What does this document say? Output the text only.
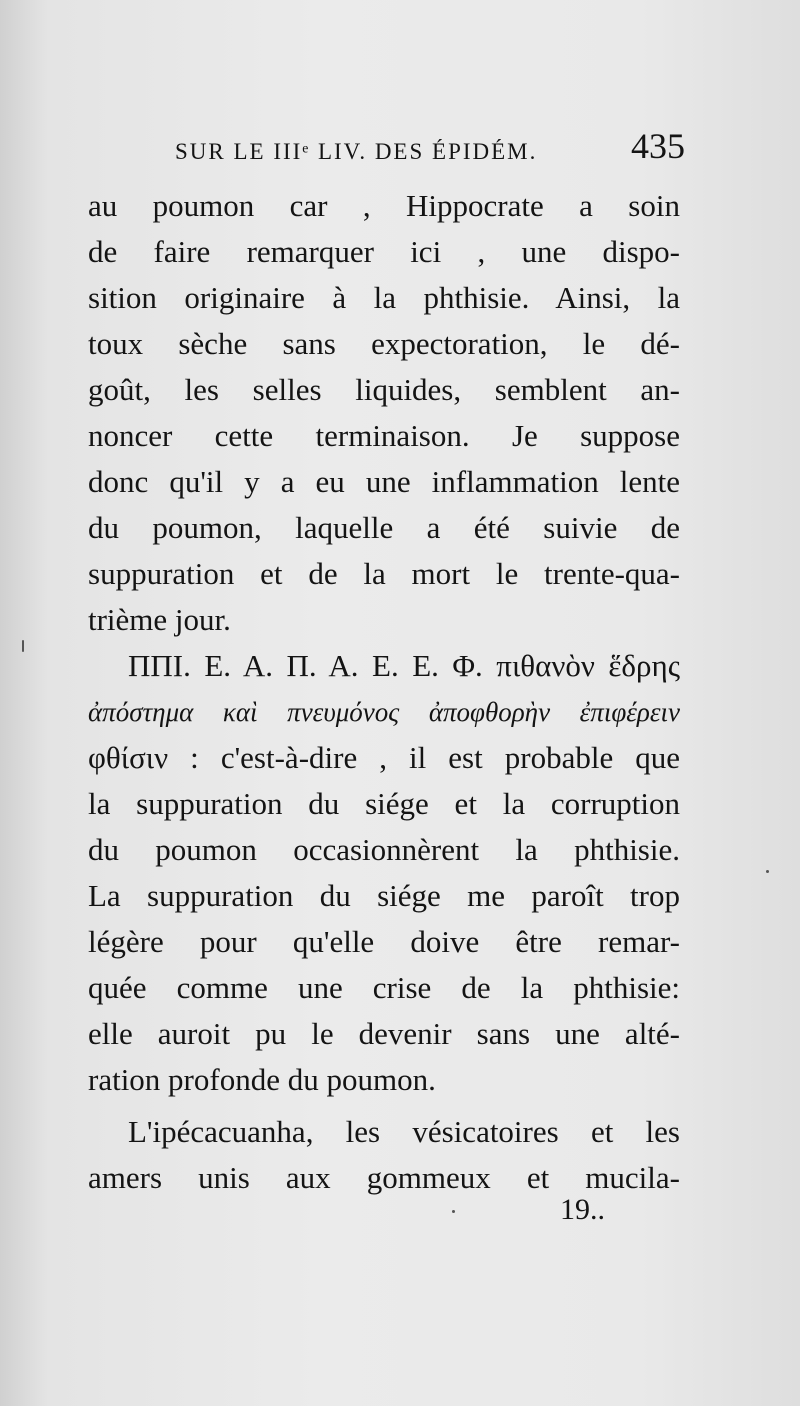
SUR LE IIIᵉ LIV. DES ÉPIDÉM.	435
au poumon car , Hippocrate a soin
de faire remarquer ici , une dispo-
sition originaire à la phthisie. Ainsi, la
toux sèche sans expectoration, le dé-
goût, les selles liquides, semblent an-
noncer cette terminaison. Je suppose
donc qu'il y a eu une inflammation lente
du poumon, laquelle a été suivie de
suppuration et de la mort le trente-qua-
trième jour.
ΠΠΙ. Ε. Α. Π. Α. Ε. Ε. Φ. πιθανὸν ἕδρης
ἀπόστημα καὶ πνευμόνος ἀποφθορὴν ἐπιφέρειν
φθίσιν : c'est-à-dire , il est probable que
la suppuration du siége et la corruption
du poumon occasionnèrent la phthisie.
La suppuration du siége me paroît trop
légère pour qu'elle doive être remar-
quée comme une crise de la phthisie:
elle auroit pu le devenir sans une alté-
ration profonde du poumon.
L'ipécacuanha, les vésicatoires et les
amers unis aux gommeux et mucila-
19..
